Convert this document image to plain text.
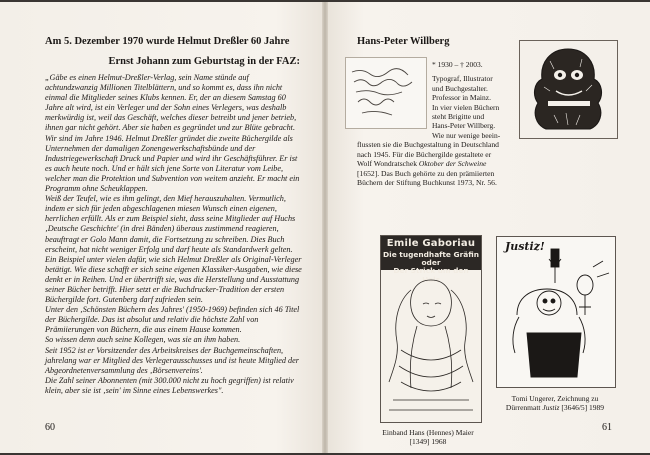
Am 5. Dezember 1970 wurde Helmut Dreßler 60 Jahre
Ernst Johann zum Geburtstag in der FAZ:

„Gäbe es einen Helmut-Dreßler-Verlag, sein Name stünde auf achtundzwanzig Millionen Titelblättern, und so kommt es, dass ihn nicht einmal die Mitglieder seines Klubs kennen. Er, der an diesem Samstag 60 Jahre alt wird, ist ein Verleger und der Sohn eines Verlegers, was deshalb merkwürdig ist, weil das Geschäft, welches dieser betreibt und jener betrieb, ihnen gar nicht gehört. Aber sie haben es gegründet und zur Blüte gebracht.

Wir sind im Jahre 1946. Helmut Dreßler gründet die zweite Büchergilde als Unternehmen der damaligen Zonengewerkschaftsbünde und der Industriegewerkschaft Druck und Papier und wird ihr Geschäftsführer. Er ist es auch heute noch. Und er hält sich jene Sorte von Literatur vom Leibe, welcher man die Protektion und Subvention von weitem anzieht. Er macht ein Programm ohne Scheuklappen.

Weiß der Teufel, wie es ihm gelingt, den Mief herauszuhalten. Vermutlich, indem er sich für jeden abgeschlagenen miesen Wunsch einen eigenen, herrlichen erfüllt. Als er zum Beispiel sieht, dass seine Mitglieder auf Huchs ‚Deutsche Geschichte' (in drei Bänden) überaus zustimmend reagieren, beauftragt er Golo Mann damit, die Fortsetzung zu schreiben. Dies Buch erscheint, hat nicht weniger Erfolg und darf heute als Standardwerk gelten. Ein Beispiel unter vielen dafür, wie sich Helmut Dreßler als Original-Verleger betätigt. Wie diese schafft er sich seine eigenen Klassiker-Ausgaben, wie diese denkt er in Reihen. Und er übertrifft sie, was die Herstellung und Ausstattung seiner Bücher betrifft. Hier setzt er die Buchdrucker-Tradition der ersten Büchergilde fort. Gutenberg darf zufrieden sein.

Unter den ‚Schönsten Büchern des Jahres' (1950-1969) befinden sich 46 Titel der Büchergilde. Das ist absolut und relativ die höchste Zahl von Prämiierungen von Büchern, die aus einem Hause kommen.

So wissen denn auch seine Kollegen, was sie an ihm haben.

Seit 1952 ist er Vorsitzender des Arbeitskreises der Buchgemeinschaften, jahrelang war er Mitglied des Verlegerausschusses und ist heute Mitglied der Abgeordnetenversammlung des ‚Börsenvereins'.

Die Zahl seiner Abonnenten (mit 300.000 nicht zu hoch gegriffen) ist relativ klein, aber sie ist ‚sein' im Sinne eines Lebenswerkes".

60
Hans-Peter Willberg

* 1930 – † 2003.

Typograf, Illustrator
und Buchgestalter.
Professor in Mainz.
In vier vielen Büchern
steht Brigitte und
Hans-Peter Willberg.
Wie nur wenige beein-
flussten sie die Buchgestaltung in Deutschland
nach 1945. Für die Büchergilde gestaltete er
Wolf Wondratschek Oktober der Schweine
[1652]. Das Buch gehörte zu den prämiierten
Büchern der Stiftung Buchkunst 1973, Nr. 56.
Emile Gaboriau
Die tugendhafte Gräfin
oder
Der Strick um den Hals
Einband Hans (Hennes) Maier
[1349] 1968
Justiz!
Tomi Ungerer, Zeichnung zu
Dürrenmatt Justiz [3646/5] 1989
61
